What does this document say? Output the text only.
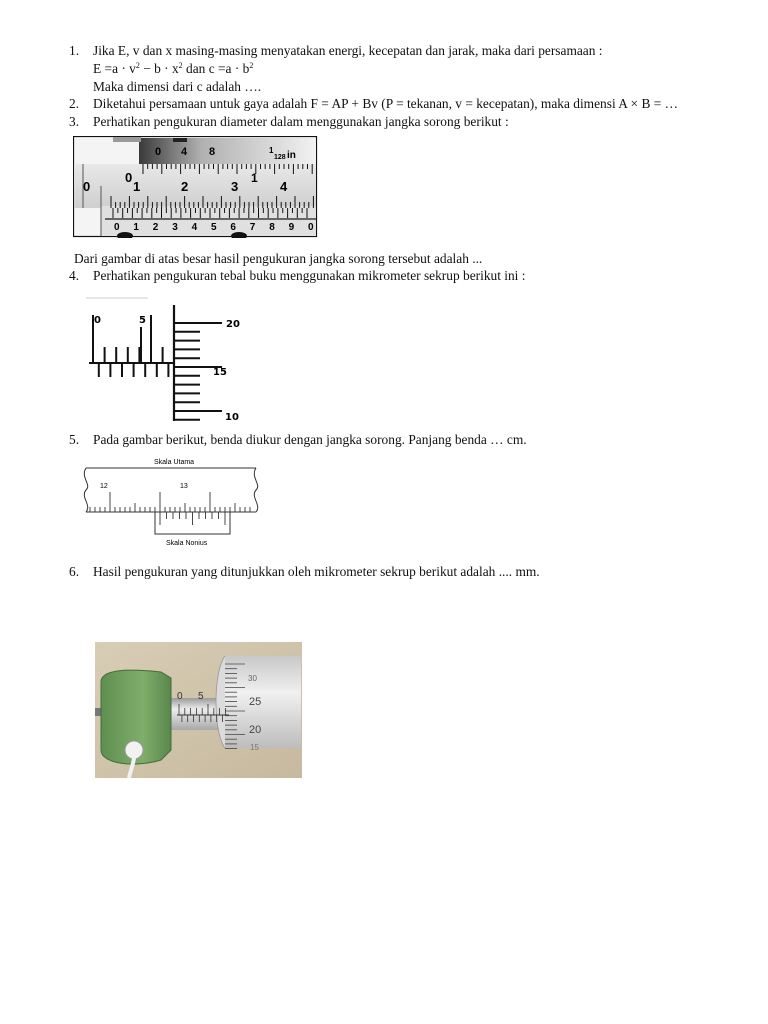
1. Jika E, v dan x masing-masing menyatakan energi, kecepatan dan jarak, maka dari persamaan :
$E =a \cdot v^2 - b \cdot x^2$ dan $c =a \cdot b^2$
Maka dimensi dari c adalah ….
2. Diketahui persamaan untuk gaya adalah F = AP + Bv (P = tekanan, v = kecepatan), maka dimensi A × B = …
3. Perhatikan pengukuran diameter dalam menggunakan jangka sorong berikut :
0 4 8	1
128 in
0
0
1	2	3	4
1
0 1 2 3 4 5 6 7 8 9 0
Dari gambar di atas besar hasil pengukuran jangka sorong tersebut adalah ...
4. Perhatikan pengukuran tebal buku menggunakan mikrometer sekrup berikut ini :
0	5	20
15
10
5. Pada gambar berikut, benda diukur dengan jangka sorong. Panjang benda … cm.
Skala Utama
12	13
Skala Nonius
6. Hasil pengukuran yang ditunjukkan oleh mikrometer sekrup berikut adalah .... mm.
0 5
30
25
20
15
